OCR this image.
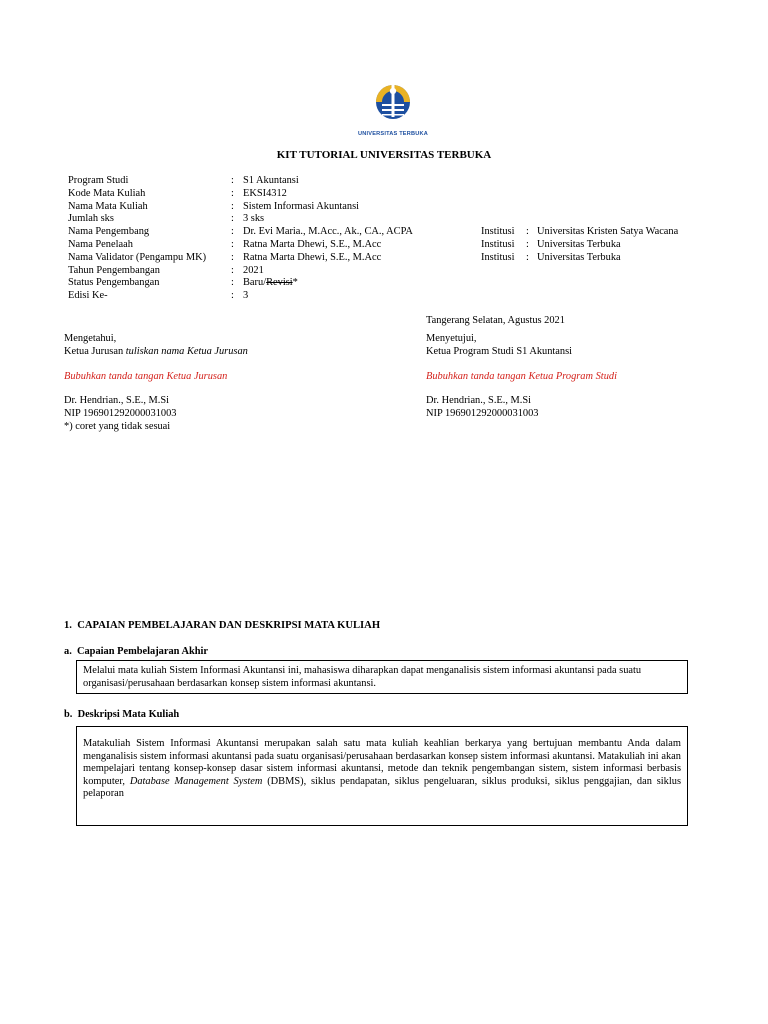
UNIVERSITAS TERBUKA
KIT TUTORIAL UNIVERSITAS TERBUKA
Program Studi	: S1 Akuntansi
Kode Mata Kuliah	: EKSI4312
Nama Mata Kuliah	: Sistem Informasi Akuntansi
Jumlah sks	: 3 sks
Nama Pengembang	: Dr. Evi Maria., M.Acc., Ak., CA., ACPA	Institusi : Universitas Kristen Satya Wacana
Nama Penelaah	: Ratna Marta Dhewi, S.E., M.Acc	Institusi : Universitas Terbuka
Nama Validator (Pengampu MK) : Ratna Marta Dhewi, S.E., M.Acc	Institusi : Universitas Terbuka
Tahun Pengembangan	: 2021
Status Pengembangan	: Baru/Revisi*
Edisi Ke-	: 3
Tangerang Selatan, Agustus 2021
Mengetahui,
Ketua Jurusan tuliskan nama Ketua Jurusan
Bubuhkan tanda tangan Ketua Jurusan
Dr. Hendrian., S.E., M.Si
NIP 196901292000031003
*) coret yang tidak sesuai
Menyetujui,
Ketua Program Studi S1 Akuntansi
Bubuhkan tanda tangan Ketua Program Studi
Dr. Hendrian., S.E., M.Si
NIP 196901292000031003
1.  CAPAIAN PEMBELAJARAN DAN DESKRIPSI MATA KULIAH
a.  Capaian Pembelajaran Akhir
Melalui mata kuliah Sistem Informasi Akuntansi ini, mahasiswa diharapkan dapat menganalisis sistem informasi akuntansi pada suatu organisasi/perusahaan berdasarkan konsep sistem informasi akuntansi.
b.  Deskripsi Mata Kuliah
Matakuliah Sistem Informasi Akuntansi merupakan salah satu mata kuliah keahlian berkarya yang bertujuan membantu Anda dalam menganalisis sistem informasi akuntansi pada suatu organisasi/perusahaan berdasarkan konsep sistem informasi akuntansi. Matakuliah ini akan mempelajari tentang konsep-konsep dasar sistem informasi akuntansi, metode dan teknik pengembangan sistem, sistem informasi berbasis komputer, Database Management System (DBMS), siklus pendapatan, siklus pengeluaran, siklus produksi, siklus penggajian, dan siklus pelaporan
